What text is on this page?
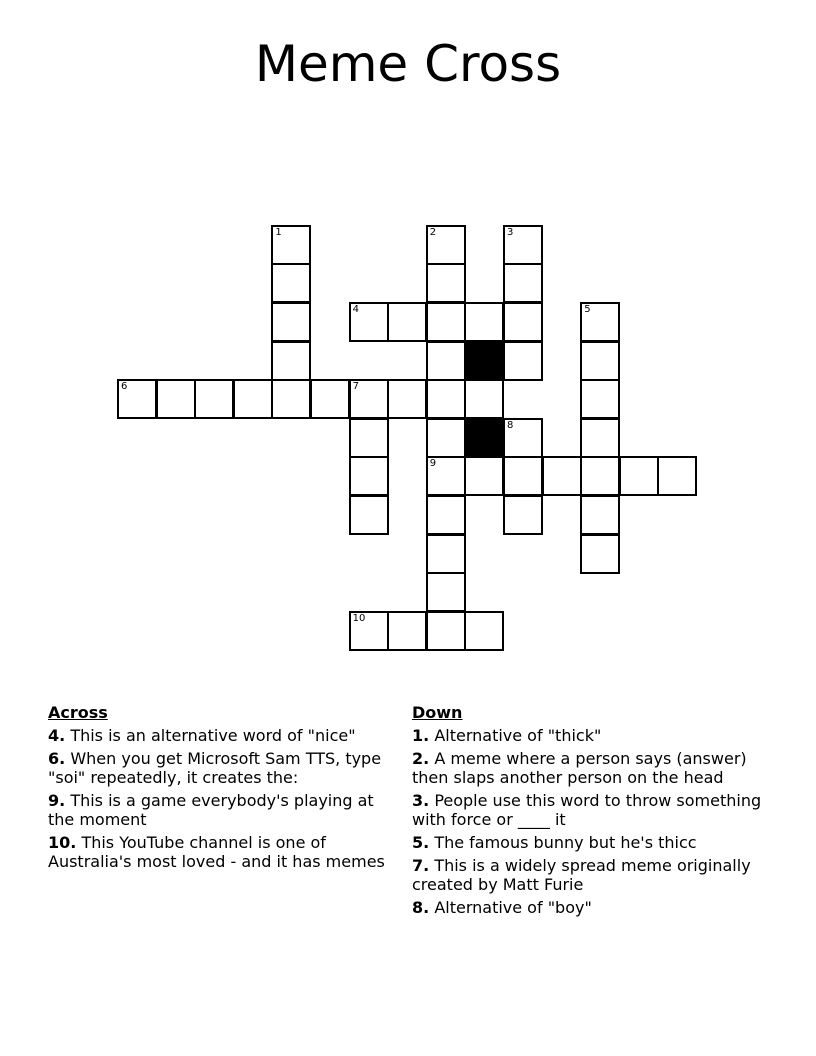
Meme Cross
6	7
1	2
9
3
4	5
8
10
Across
4. This is an alternative word of "nice"
6. When you get Microsoft Sam TTS, type "soi" repeatedly, it creates the:
9. This is a game everybody's playing at the moment
10. This YouTube channel is one of Australia's most loved - and it has memes
Down
1. Alternative of "thick"
2. A meme where a person says (answer) then slaps another person on the head
3. People use this word to throw something with force or ____ it
5. The famous bunny but he's thicc
7. This is a widely spread meme originally created by Matt Furie
8. Alternative of "boy"
